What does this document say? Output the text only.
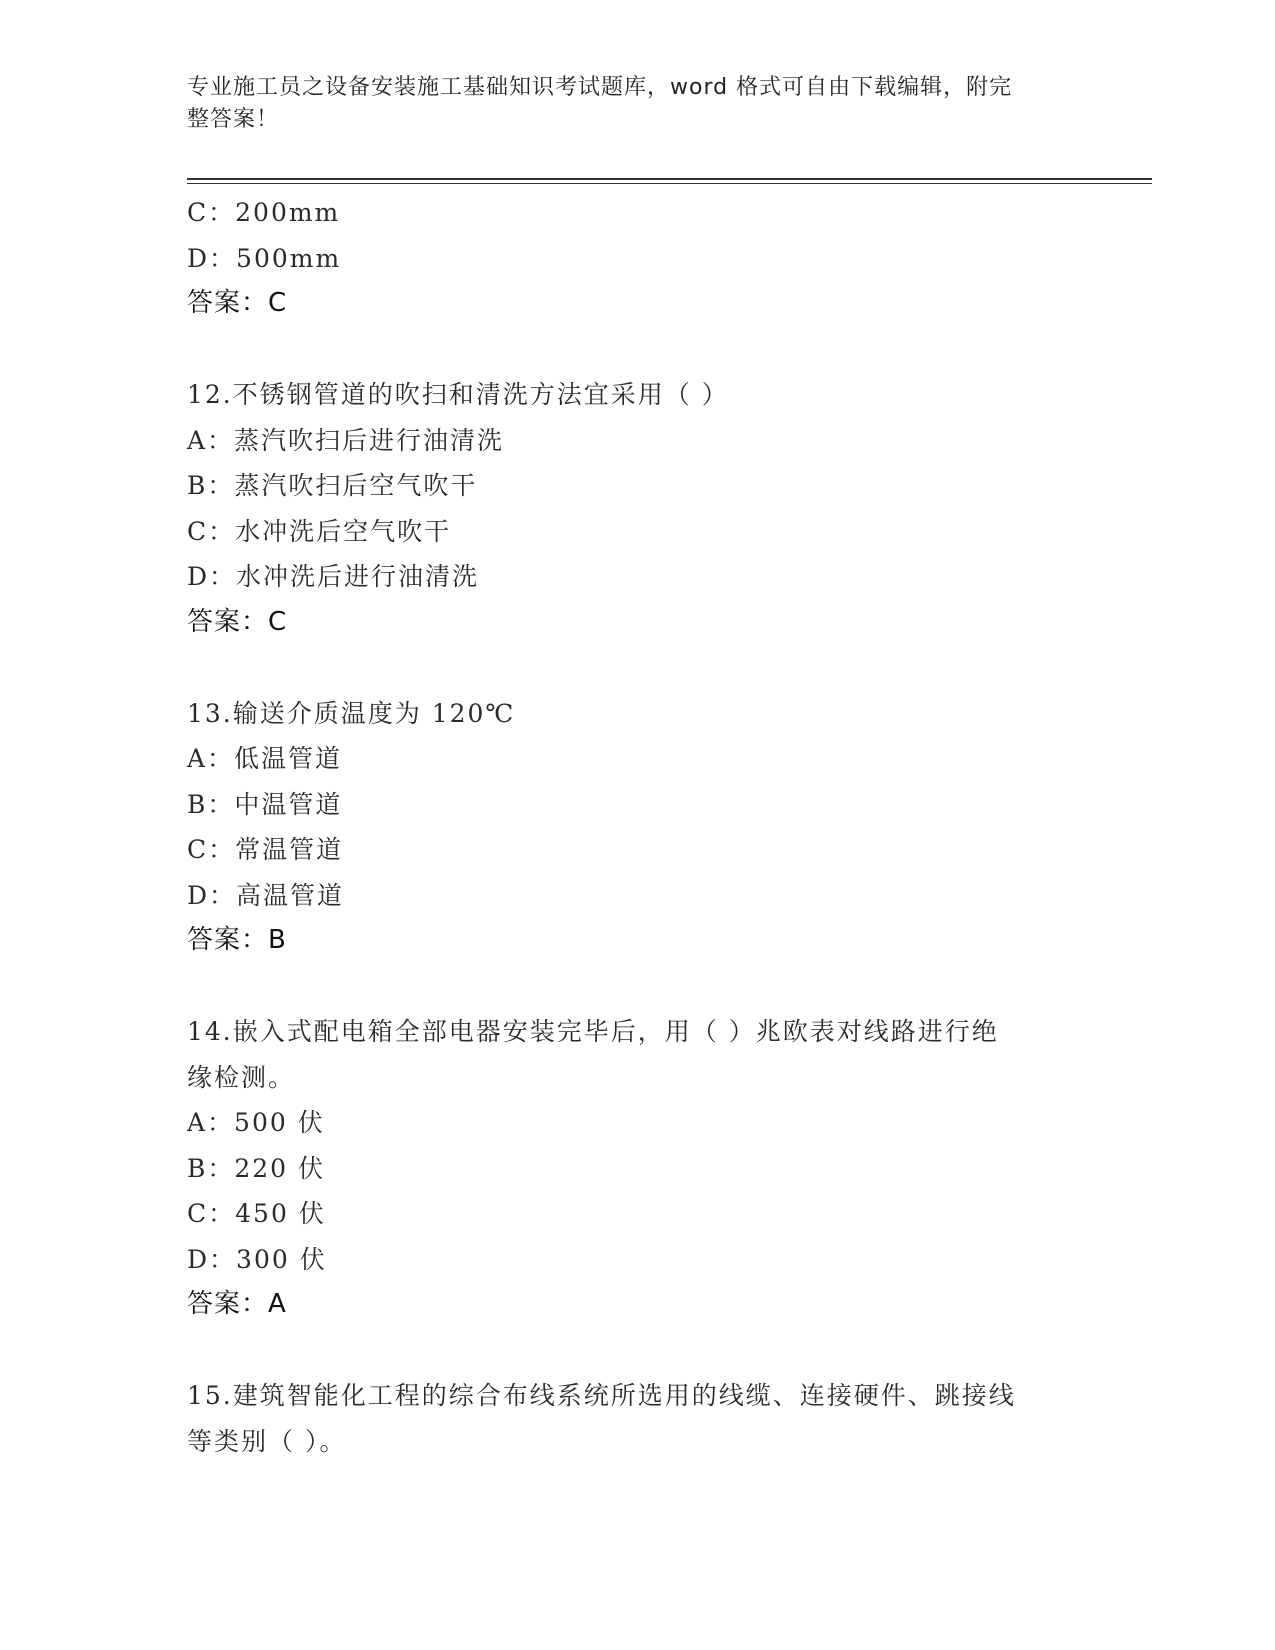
专业施工员之设备安装施工基础知识考试题库，word 格式可自由下载编辑，附完
整答案！
C：200mm
D：500mm
答案：C
12.不锈钢管道的吹扫和清洗方法宜采用（ ）
A：蒸汽吹扫后进行油清洗
B：蒸汽吹扫后空气吹干
C：水冲洗后空气吹干
D：水冲洗后进行油清洗
答案：C
13.输送介质温度为 120℃
A：低温管道
B：中温管道
C：常温管道
D：高温管道
答案：B
14.嵌入式配电箱全部电器安装完毕后，用（ ）兆欧表对线路进行绝
缘检测。
A：500 伏
B：220 伏
C：450 伏
D：300 伏
答案：A
15.建筑智能化工程的综合布线系统所选用的线缆、连接硬件、跳接线
等类别（ ）。
